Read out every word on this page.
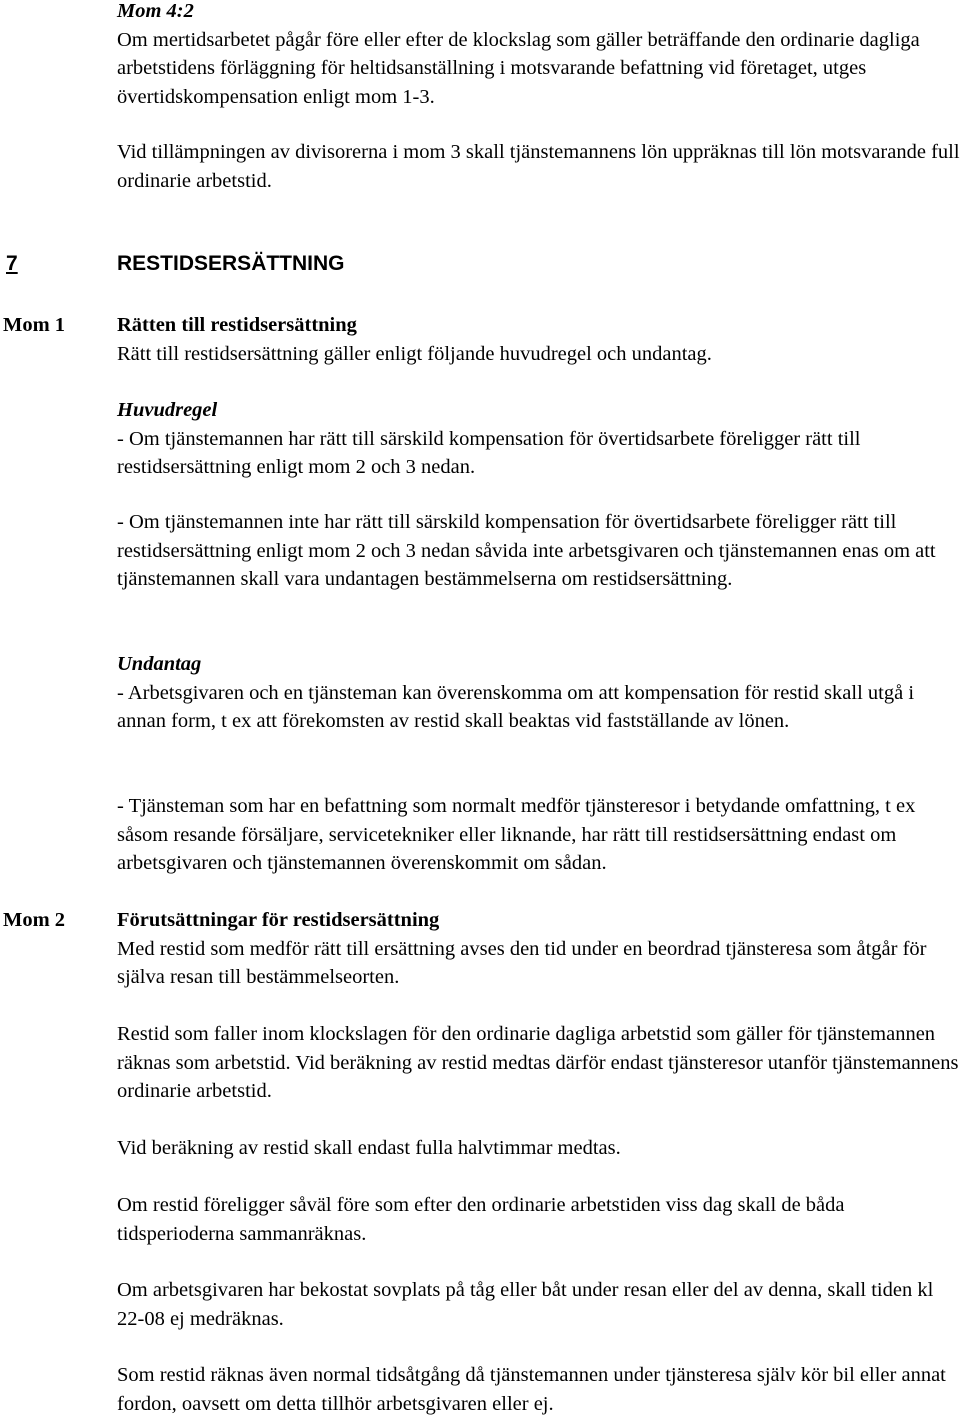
Mom 4:2

Om mertidsarbetet pågår före eller efter de klockslag som gäller beträffande den ordinarie dagliga arbetstidens förläggning för heltidsanställning i motsvarande befattning vid företaget, utges övertidskompensation enligt mom 1-3.

Vid tillämpningen av divisorerna i mom 3 skall tjänstemannens lön uppräknas till lön motsvarande full ordinarie arbetstid.

7	RESTIDSERSÄTTNING
Mom 1	Rätten till restidsersättning

Rätt till restidsersättning gäller enligt följande huvudregel och undantag.

Huvudregel

- Om tjänstemannen har rätt till särskild kompensation för övertidsarbete föreligger rätt till restidsersättning enligt mom 2 och 3 nedan.

- Om tjänstemannen inte har rätt till särskild kompensation för övertidsarbete föreligger rätt till restidsersättning enligt mom 2 och 3 nedan såvida inte arbetsgivaren och tjänstemannen enas om att tjänstemannen skall vara undantagen bestämmelserna om restidsersättning.

Undantag

- Arbetsgivaren och en tjänsteman kan överenskomma om att kompensation för restid skall utgå i annan form, t ex att förekomsten av restid skall beaktas vid fastställande av lönen.

- Tjänsteman som har en befattning som normalt medför tjänsteresor i betydande omfattning, t ex såsom resande försäljare, servicetekniker eller liknande, har rätt till restidsersättning endast om arbetsgivaren och tjänstemannen överenskommit om sådan.

Mom 2	Förutsättningar för restidsersättning

Med restid som medför rätt till ersättning avses den tid under en beordrad tjänsteresa som åtgår för själva resan till bestämmelseorten.

Restid som faller inom klockslagen för den ordinarie dagliga arbetstid som gäller för tjänstemannen räknas som arbetstid. Vid beräkning av restid medtas därför endast tjänsteresor utanför tjänstemannens ordinarie arbetstid.

Vid beräkning av restid skall endast fulla halvtimmar medtas.

Om restid föreligger såväl före som efter den ordinarie arbetstiden viss dag skall de båda tidsperioderna sammanräknas.

Om arbetsgivaren har bekostat sovplats på tåg eller båt under resan eller del av denna, skall tiden kl 22-08 ej medräknas.

Som restid räknas även normal tidsåtgång då tjänstemannen under tjänsteresa själv kör bil eller annat fordon, oavsett om detta tillhör arbetsgivaren eller ej.
